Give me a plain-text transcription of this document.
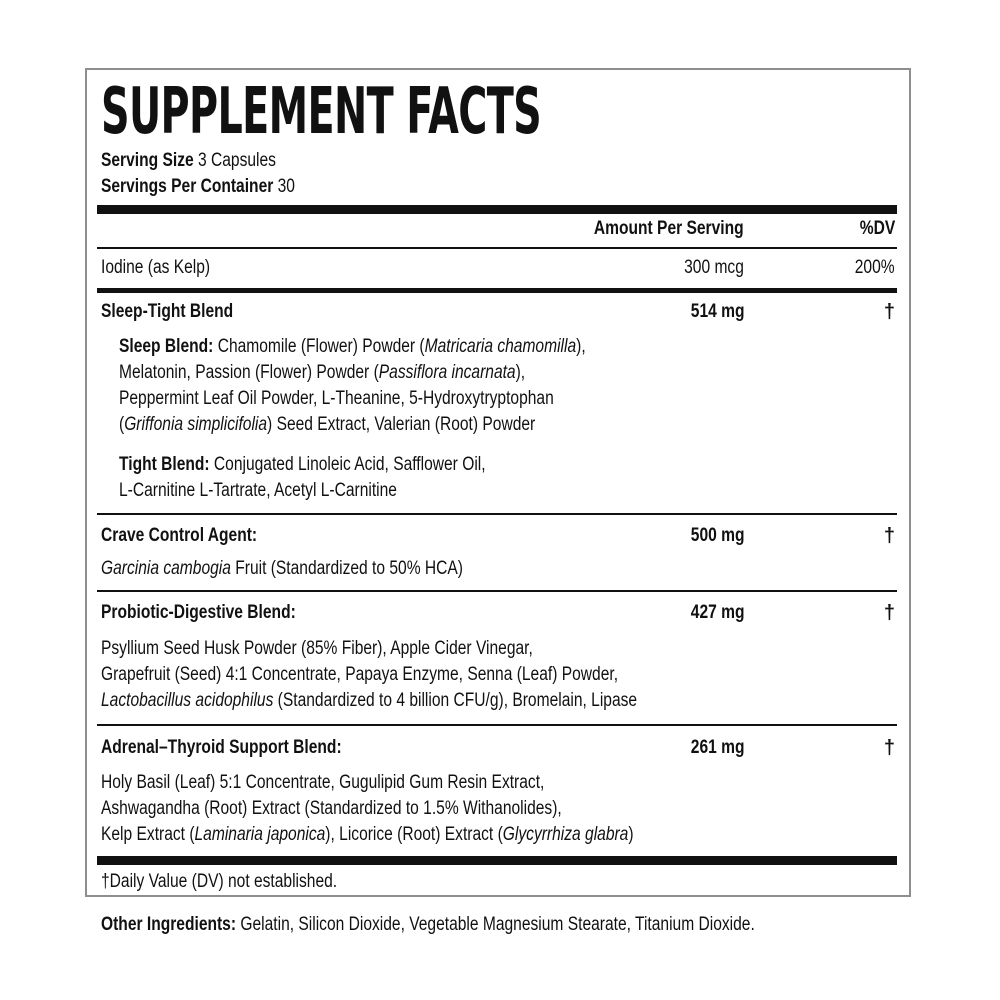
SUPPLEMENT FACTS
Serving Size 3 Capsules
Servings Per Container 30
Amount Per Serving	%DV
Iodine (as Kelp)	300 mcg	200%
Sleep-Tight Blend	514 mg	†
Sleep Blend: Chamomile (Flower) Powder (Matricaria chamomilla),
Melatonin, Passion (Flower) Powder (Passiflora incarnata),
Peppermint Leaf Oil Powder, L-Theanine, 5-Hydroxytryptophan
(Griffonia simplicifolia) Seed Extract, Valerian (Root) Powder
Tight Blend: Conjugated Linoleic Acid, Safflower Oil,
L-Carnitine L-Tartrate, Acetyl L-Carnitine
Crave Control Agent:	500 mg	†
Garcinia cambogia Fruit (Standardized to 50% HCA)
Probiotic-Digestive Blend:	427 mg	†
Psyllium Seed Husk Powder (85% Fiber), Apple Cider Vinegar,
Grapefruit (Seed) 4:1 Concentrate, Papaya Enzyme, Senna (Leaf) Powder,
Lactobacillus acidophilus (Standardized to 4 billion CFU/g), Bromelain, Lipase
Adrenal–Thyroid Support Blend:	261 mg	†
Holy Basil (Leaf) 5:1 Concentrate, Gugulipid Gum Resin Extract,
Ashwagandha (Root) Extract (Standardized to 1.5% Withanolides),
Kelp Extract (Laminaria japonica), Licorice (Root) Extract (Glycyrrhiza glabra)
†Daily Value (DV) not established.
Other Ingredients: Gelatin, Silicon Dioxide, Vegetable Magnesium Stearate, Titanium Dioxide.
